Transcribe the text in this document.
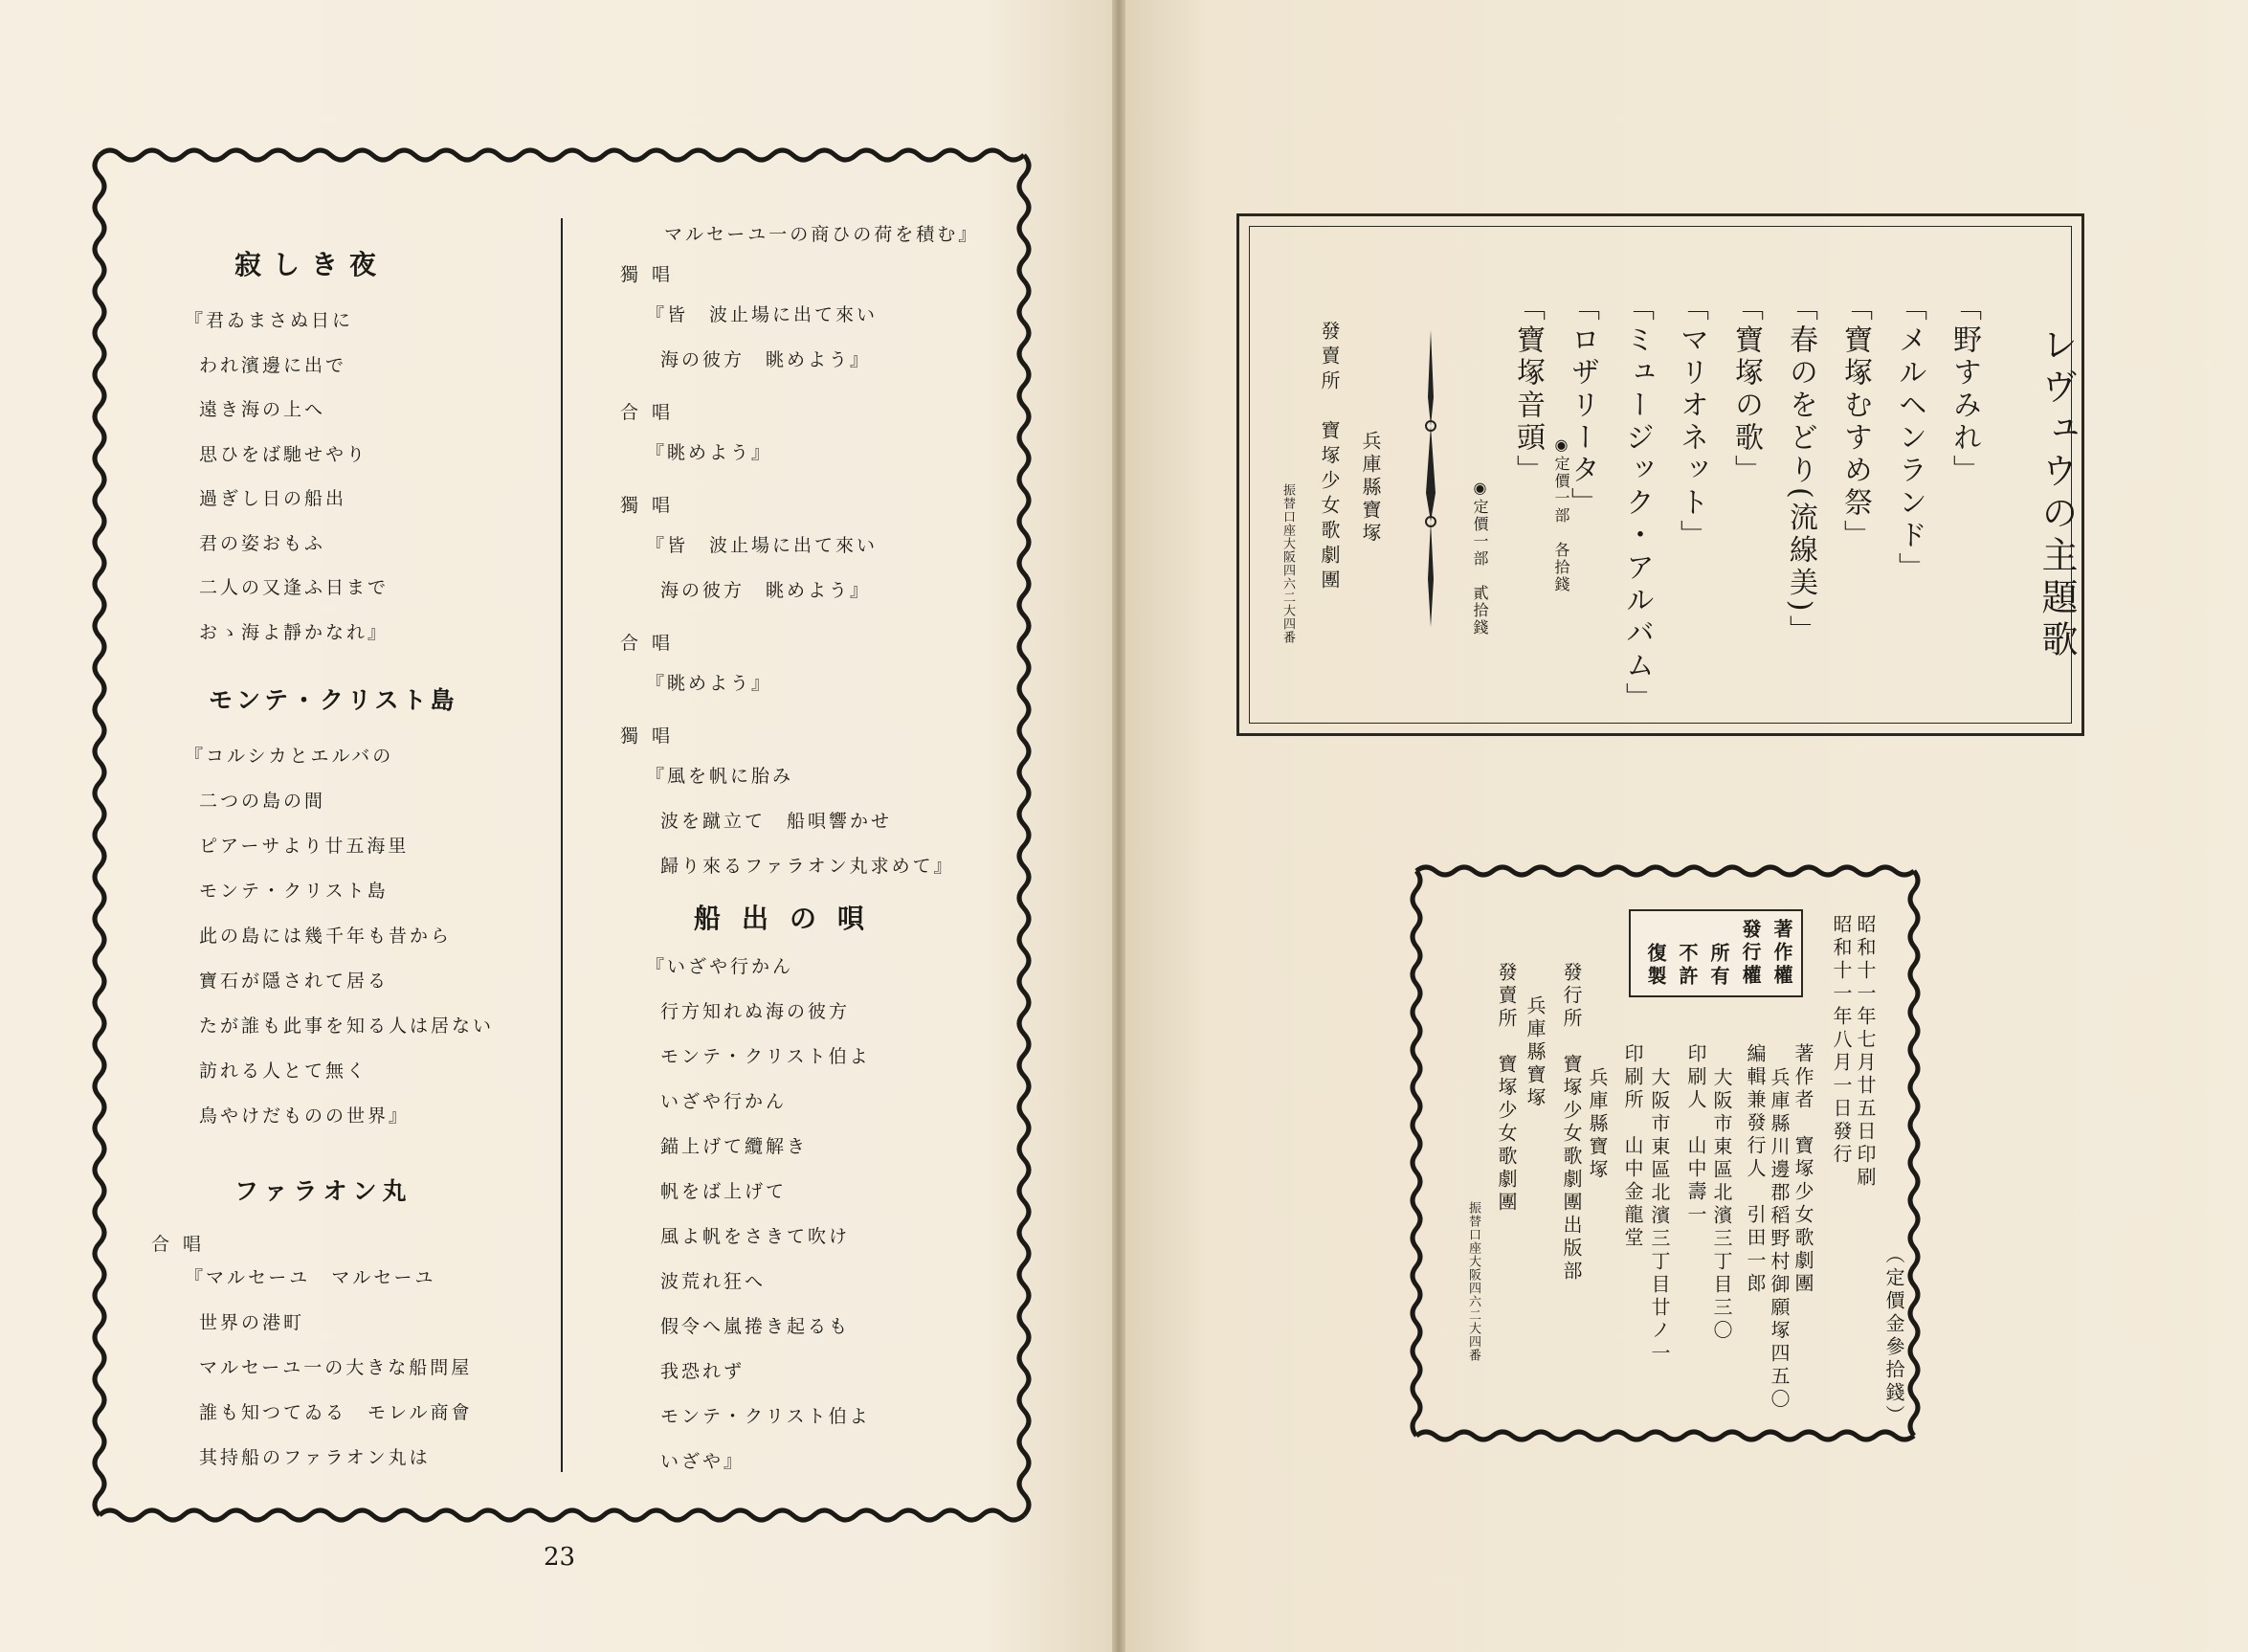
寂しき夜
『君ゐまさぬ日に
われ濱邊に出で
遠き海の上へ
思ひをば馳せやり
過ぎし日の船出
君の姿おもふ
二人の又逢ふ日まで
おゝ海よ靜かなれ』
モンテ・クリスト島
『コルシカとエルバの
二つの島の間
ピアーサより廿五海里
モンテ・クリスト島
此の島には幾千年も昔から
寶石が隱されて居る
たが誰も此事を知る人は居ない
訪れる人とて無く
鳥やけだものの世界』
ファラオン丸
合唱
『マルセーユ　マルセーユ
世界の港町
マルセーユ一の大きな船問屋
誰も知つてゐる　モレル商會
其持船のファラオン丸は
マルセーユ一の商ひの荷を積む』
獨唱
『皆　波止場に出て來い
海の彼方　眺めよう』
合唱
『眺めよう』
獨唱
『皆　波止場に出て來い
海の彼方　眺めよう』
合唱
『眺めよう』
獨唱
『風を帆に胎み
波を蹴立て　船唄響かせ
歸り來るファラオン丸求めて』
船出の唄
『いざや行かん
行方知れぬ海の彼方
モンテ・クリスト伯よ
いざや行かん
錨上げて纜解き
帆をば上げて
風よ帆をさきて吹け
波荒れ狂へ
假令へ嵐捲き起るも
我恐れず
モンテ・クリスト伯よ
いざや』
23
レヴュウの主題歌
「野すみれ」
「メルヘンランド」
「寶塚むすめ祭」
「春のをどり(流線美)」
「寶塚の歌」
「マリオネット」
「ミュージック・アルバム」
「ロザリータ」
「寶塚音頭」
◉定價一部　各拾錢
◉定價一部　貳拾錢
兵庫縣寶塚
發賣所　寶塚少女歌劇團
振替口座大阪四六二大四番
昭和十一年七月廿五日印刷
昭和十一年八月一日發行
（定價金參拾錢）
著作者　寶塚少女歌劇團
兵庫縣川邊郡稻野村御願塚四五〇
編輯兼發行人　引田一郎
大阪市東區北濱三丁目三〇
印刷人　山中壽一
大阪市東區北濱三丁目廿ノ一
印刷所　山中金龍堂
兵庫縣寶塚
發行所　寶塚少女歌劇團出版部
兵庫縣寶塚
發賣所　寶塚少女歌劇團
振替口座大阪四六二大四番
著作權
發行權
所有
不許
復製
